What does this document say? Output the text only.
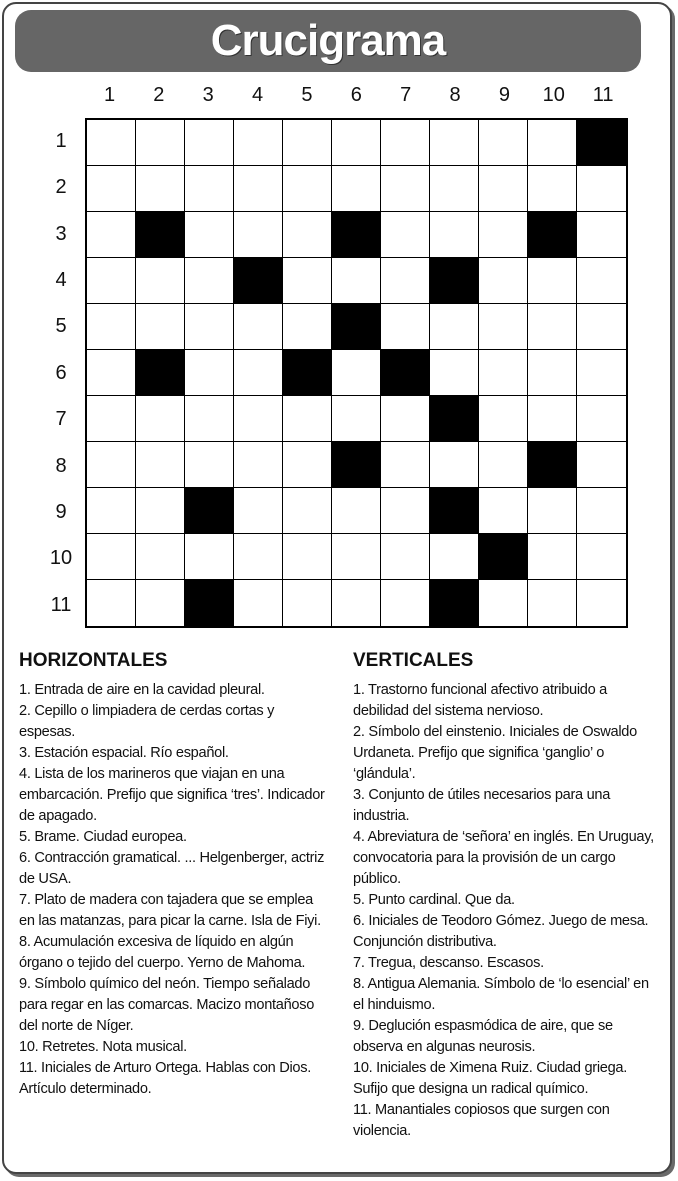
Crucigrama
1	2	3	4	5	6	7	8	9	10	11
1
2
3
4
5
6
7
8
9
10
11
HORIZONTALES

1. Entrada de aire en la cavidad pleural.

2. Cepillo o limpiadera de cerdas cortas y espesas.

3. Estación espacial. Río español.

4. Lista de los marineros que viajan en una embarcación. Prefijo que significa ‘tres’. Indicador de apagado.

5. Brame. Ciudad europea.

6. Contracción gramatical. ... Helgenberger, actriz de USA.

7. Plato de madera con tajadera que se emplea en las matanzas, para picar la carne. Isla de Fiyi.

8. Acumulación excesiva de líquido en algún órgano o tejido del cuerpo. Yerno de Mahoma.

9. Símbolo químico del neón. Tiempo señalado para regar en las comarcas. Macizo montañoso del norte de Níger.

10. Retretes. Nota musical.

11. Iniciales de Arturo Ortega. Hablas con Dios. Artículo determinado.

VERTICALES

1. Trastorno funcional afectivo atribuido a debilidad del sistema nervioso.

2. Símbolo del einstenio. Iniciales de Oswaldo Urdaneta. Prefijo que significa ‘ganglio’ o ‘glándula’.

3. Conjunto de útiles necesarios para una industria.

4. Abreviatura de ‘señora’ en inglés. En Uruguay, convocatoria para la provisión de un cargo público.

5. Punto cardinal. Que da.

6. Iniciales de Teodoro Gómez. Juego de mesa. Conjunción distributiva.

7. Tregua, descanso. Escasos.

8. Antigua Alemania. Símbolo de ‘lo esencial’ en el hinduismo.

9. Deglución espasmódica de aire, que se observa en algunas neurosis.

10. Iniciales de Ximena Ruiz. Ciudad griega. Sufijo que designa un radical químico.

11. Manantiales copiosos que surgen con violencia.
